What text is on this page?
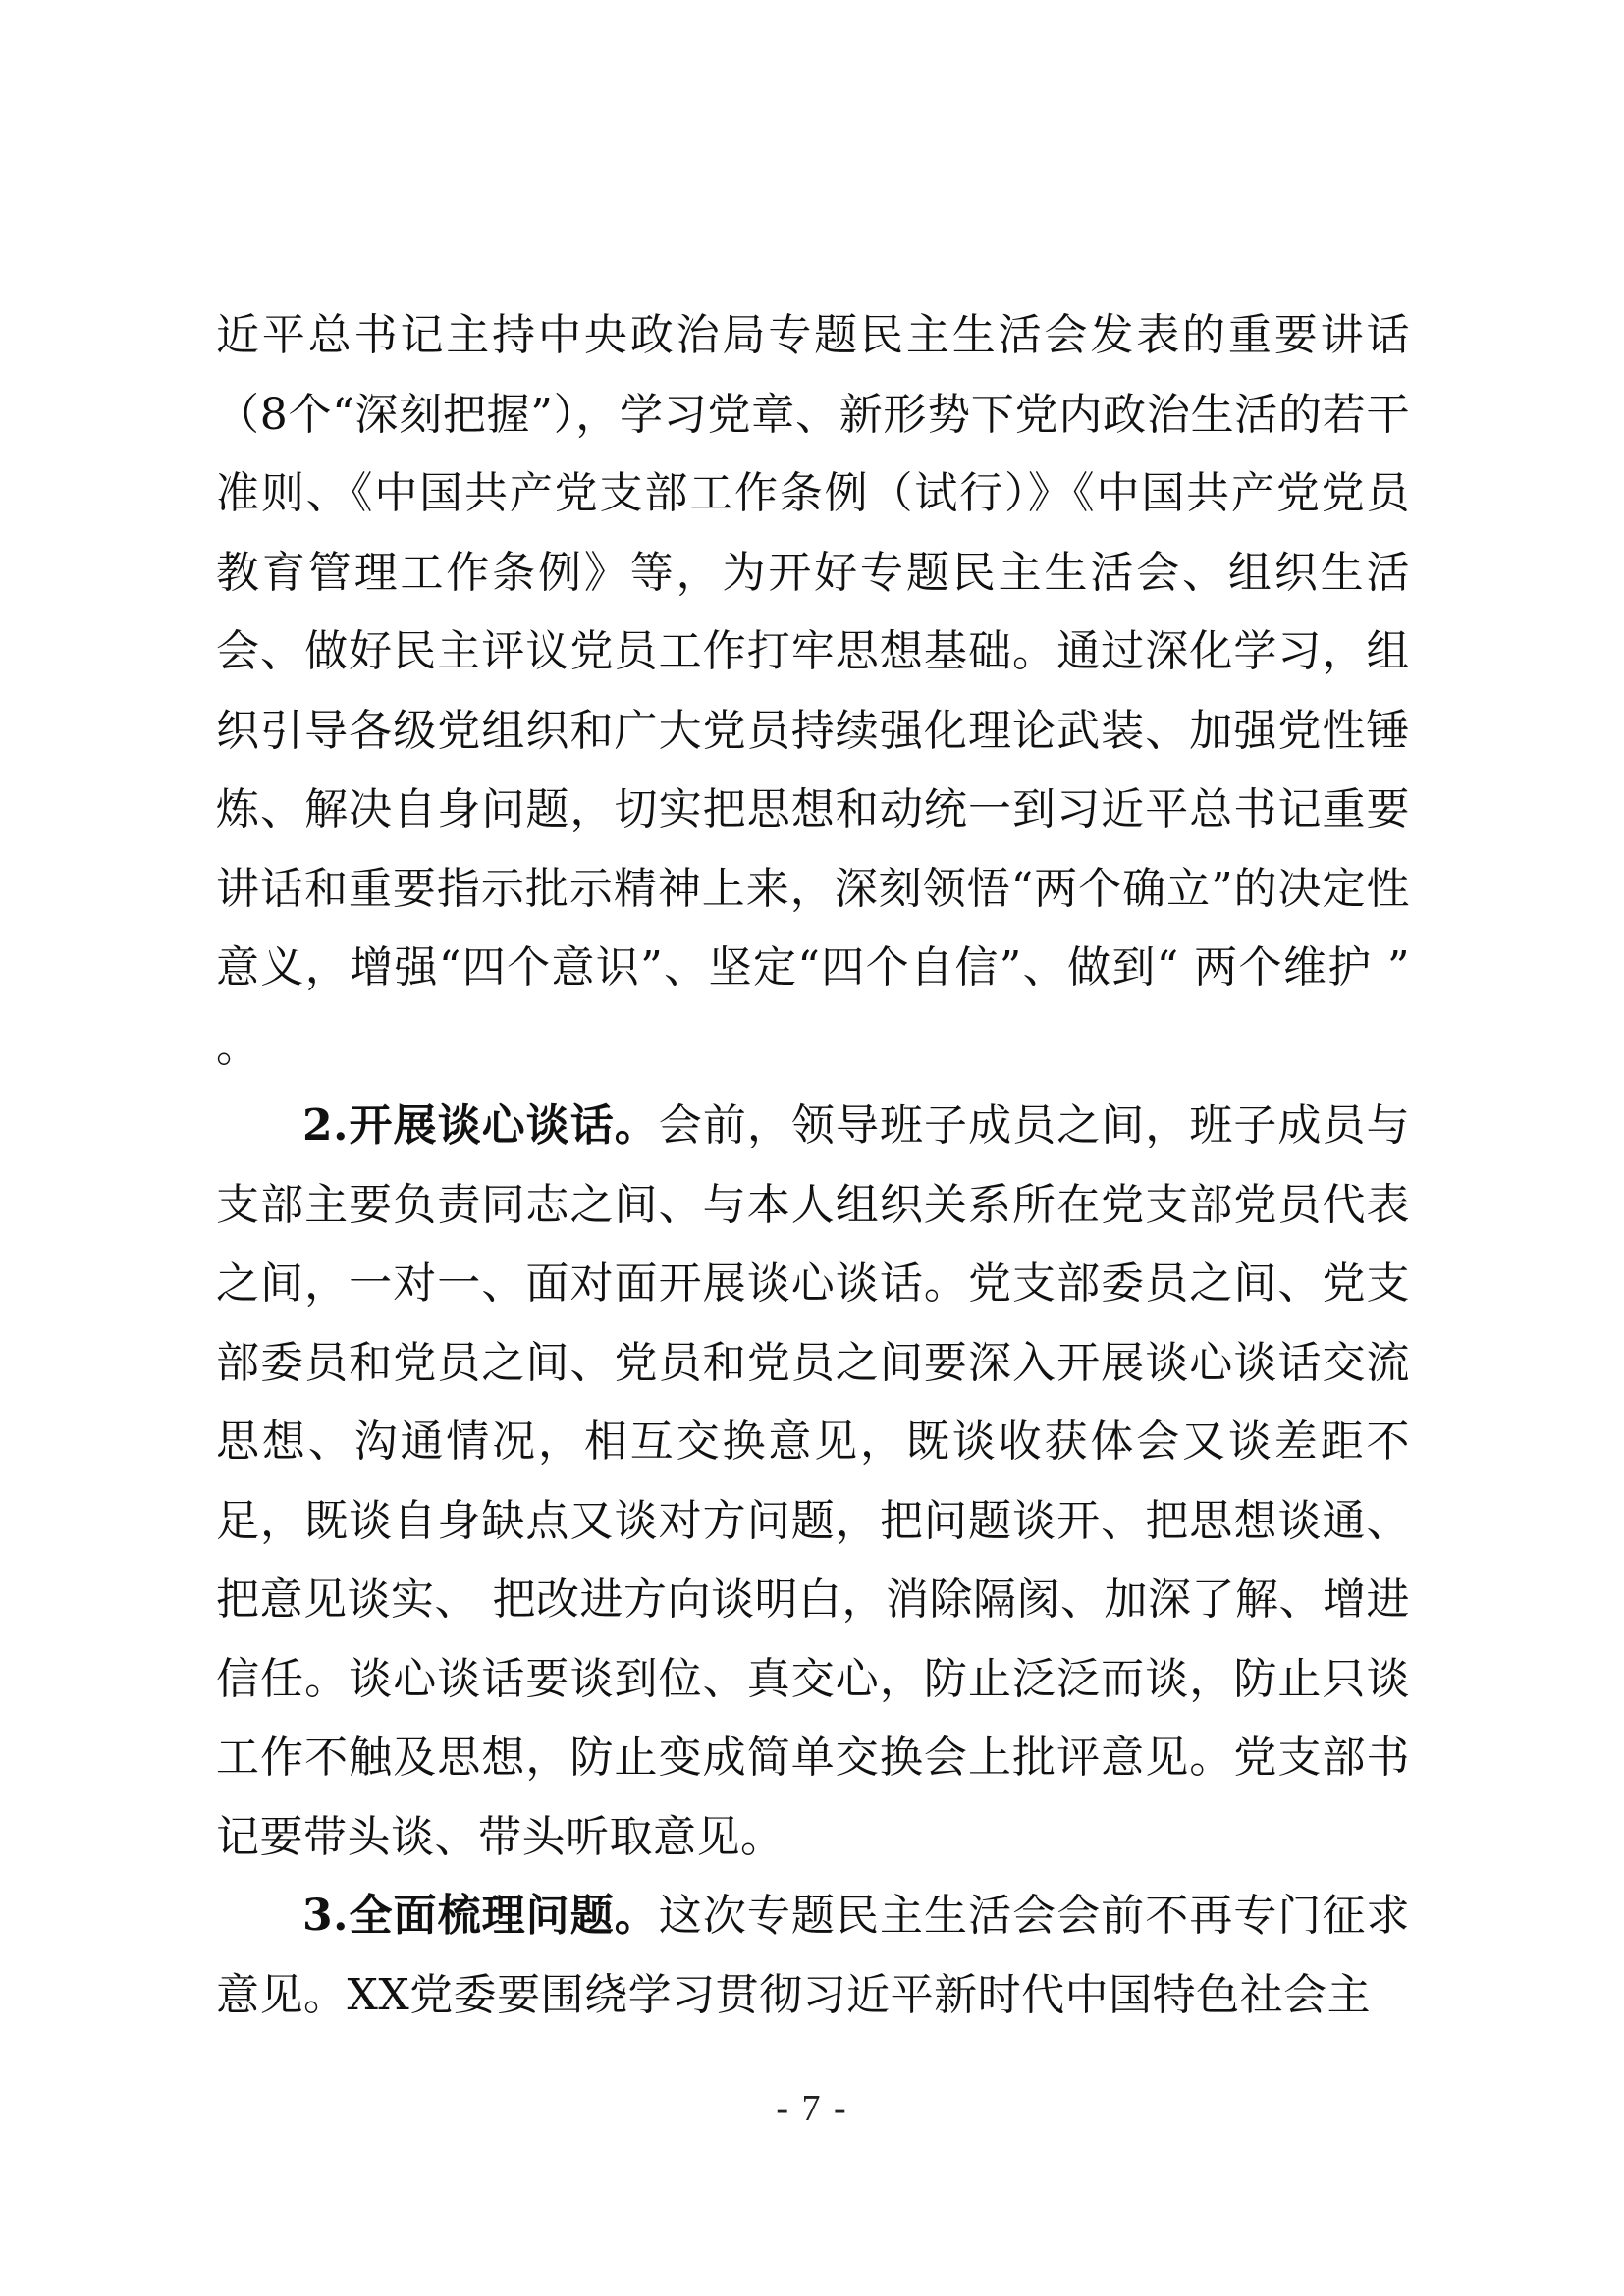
近平总书记主持中央政治局专题民主生活会发表的重要讲话（8个“深刻把握”），学习党章、新形势下党内政治生活的若干准则、《中国共产党支部工作条例（试行）》《中国共产党党员教育管理工作条例》等，为开好专题民主生活会、组织生活会、做好民主评议党员工作打牢思想基础。通过深化学习，组织引导各级党组织和广大党员持续强化理论武装、加强党性锤炼、解决自身问题，切实把思想和动统一到习近平总书记重要讲话和重要指示批示精神上来，深刻领悟“两个确立”的决定性意义，增强“四个意识”、坚定“四个自信”、做到“ 两个维护 ” 。

2.开展谈心谈话。会前，领导班子成员之间，班子成员与支部主要负责同志之间、与本人组织关系所在党支部党员代表之间，一对一、面对面开展谈心谈话。党支部委员之间、党支部委员和党员之间、党员和党员之间要深入开展谈心谈话交流思想、沟通情况，相互交换意见，既谈收获体会又谈差距不足，既谈自身缺点又谈对方问题，把问题谈开、把思想谈通、把意见谈实、 把改进方向谈明白，消除隔阂、加深了解、增进信任。谈心谈话要谈到位、真交心，防止泛泛而谈，防止只谈工作不触及思想，防止变成简单交换会上批评意见。党支部书记要带头谈、带头听取意见。

3.全面梳理问题。这次专题民主生活会会前不再专门征求意见。XX党委要围绕学习贯彻习近平新时代中国特色社会主

- 7 -
